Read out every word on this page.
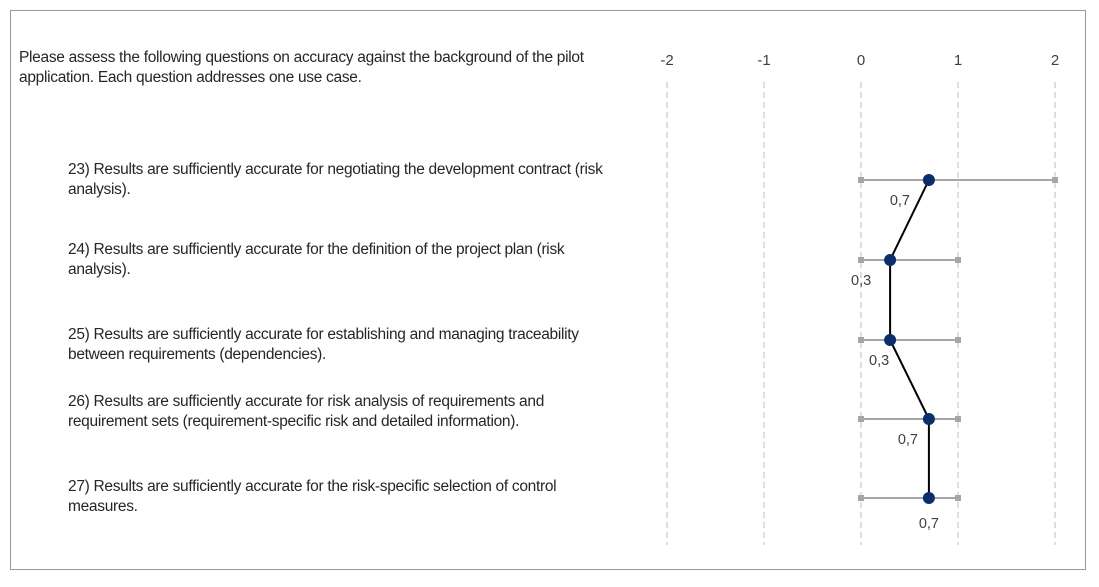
Please assess the following questions on accuracy against the background of the pilot application. Each question addresses one use case.
23) Results are sufficiently accurate for negotiating the development contract (risk analysis).
24) Results are sufficiently accurate for the definition of the project plan (risk analysis).
25) Results are sufficiently accurate for establishing and managing traceability between requirements (dependencies).
26) Results are sufficiently accurate for risk analysis of requirements and requirement sets (requirement-specific risk and detailed information).
27) Results are sufficiently accurate for the risk-specific selection of control measures.
-2	-1	0	1	2
0,7
0,3
0,3
0,7
0,7
